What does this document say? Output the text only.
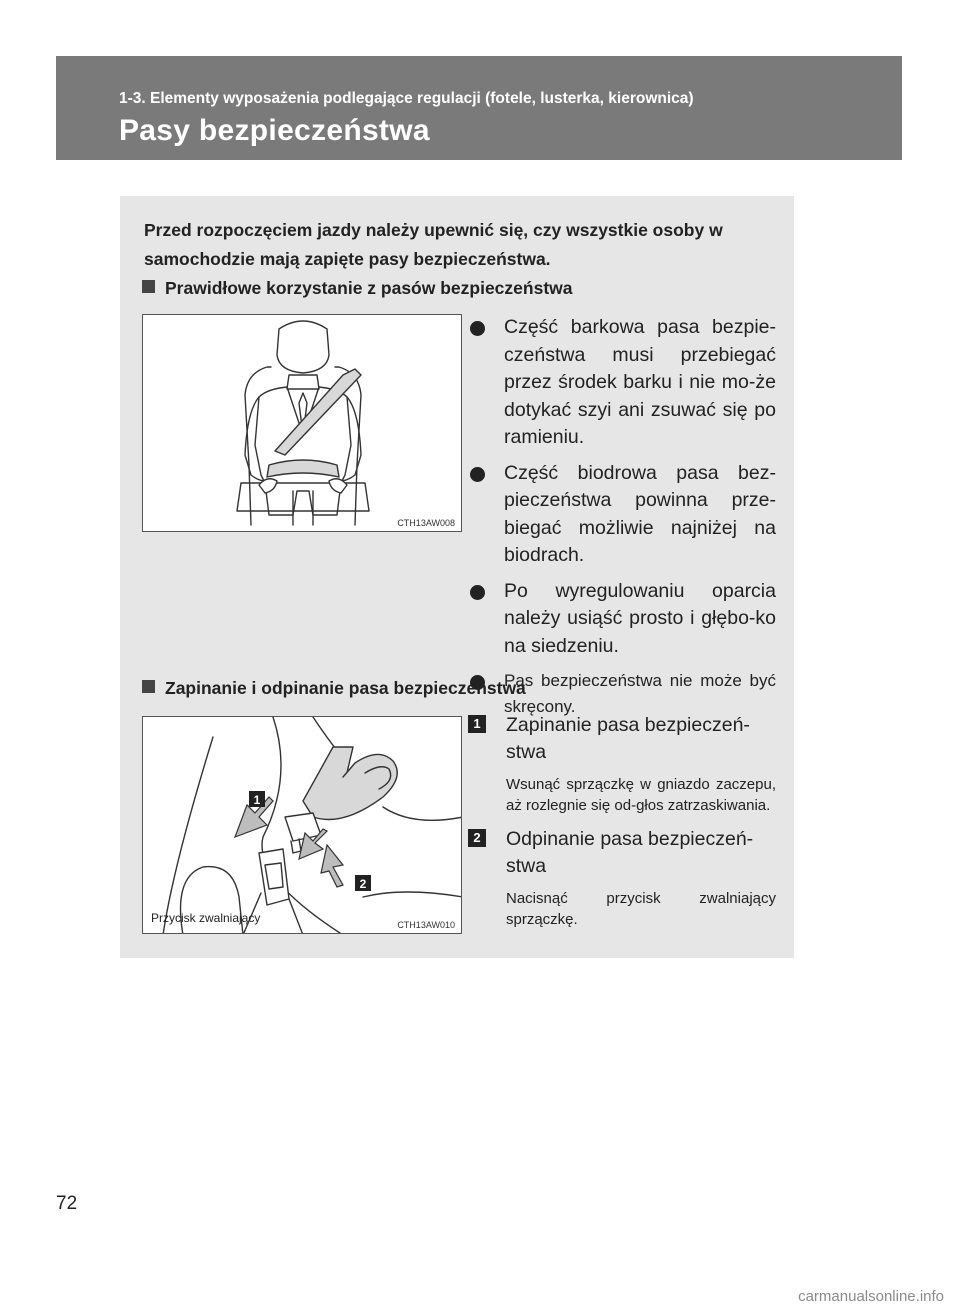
1-3. Elementy wyposażenia podlegające regulacji (fotele, lusterka, kierownica)
Pasy bezpieczeństwa
Przed rozpoczęciem jazdy należy upewnić się, czy wszystkie osoby w samochodzie mają zapięte pasy bezpieczeństwa.
Prawidłowe korzystanie z pasów bezpieczeństwa
CTH13AW008
Część barkowa pasa bezpie-czeństwa musi przebiegać przez środek barku i nie mo-że dotykać szyi ani zsuwać się po ramieniu.
Część biodrowa pasa bez-pieczeństwa powinna prze-biegać możliwie najniżej na biodrach.
Po wyregulowaniu oparcia należy usiąść prosto i głębo-ko na siedzeniu.
Pas bezpieczeństwa nie może być skręcony.
Zapinanie i odpinanie pasa bezpieczeństwa
1
2
Przycisk zwalniający	CTH13AW010
1 Zapinanie pasa bezpieczeń-stwa
Wsunąć sprzączkę w gniazdo zaczepu, aż rozlegnie się od-głos zatrzaskiwania.
2 Odpinanie pasa bezpieczeń-stwa
Nacisnąć przycisk zwalniający sprzączkę.
72
carmanualsonline.info
